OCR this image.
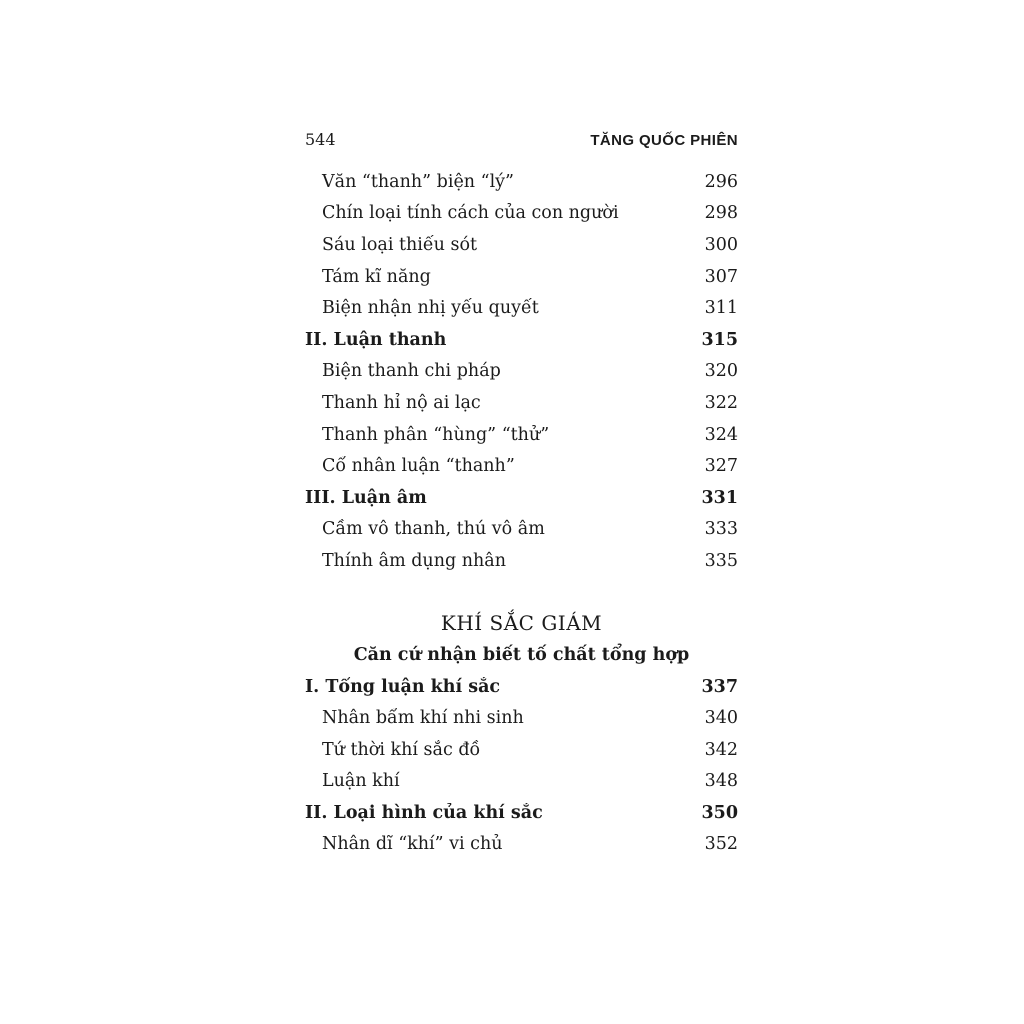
544	TĂNG QUỐC PHIÊN
Văn “thanh” biện “lý”	296
Chín loại tính cách của con người	298
Sáu loại thiếu sót	300
Tám kĩ năng	307
Biện nhận nhị yếu quyết	311
II. Luận thanh	315
Biện thanh chi pháp	320
Thanh hỉ nộ ai lạc	322
Thanh phân “hùng” “thử”	324
Cổ nhân luận “thanh”	327
III. Luận âm	331
Cầm vô thanh, thú vô âm	333
Thính âm dụng nhân	335
KHÍ SẮC GIÁM
Căn cứ nhận biết tố chất tổng hợp
I. Tổng luận khí sắc	337
Nhân bẩm khí nhi sinh	340
Tứ thời khí sắc đồ	342
Luận khí	348
II. Loại hình của khí sắc	350
Nhân dĩ “khí” vi chủ	352
